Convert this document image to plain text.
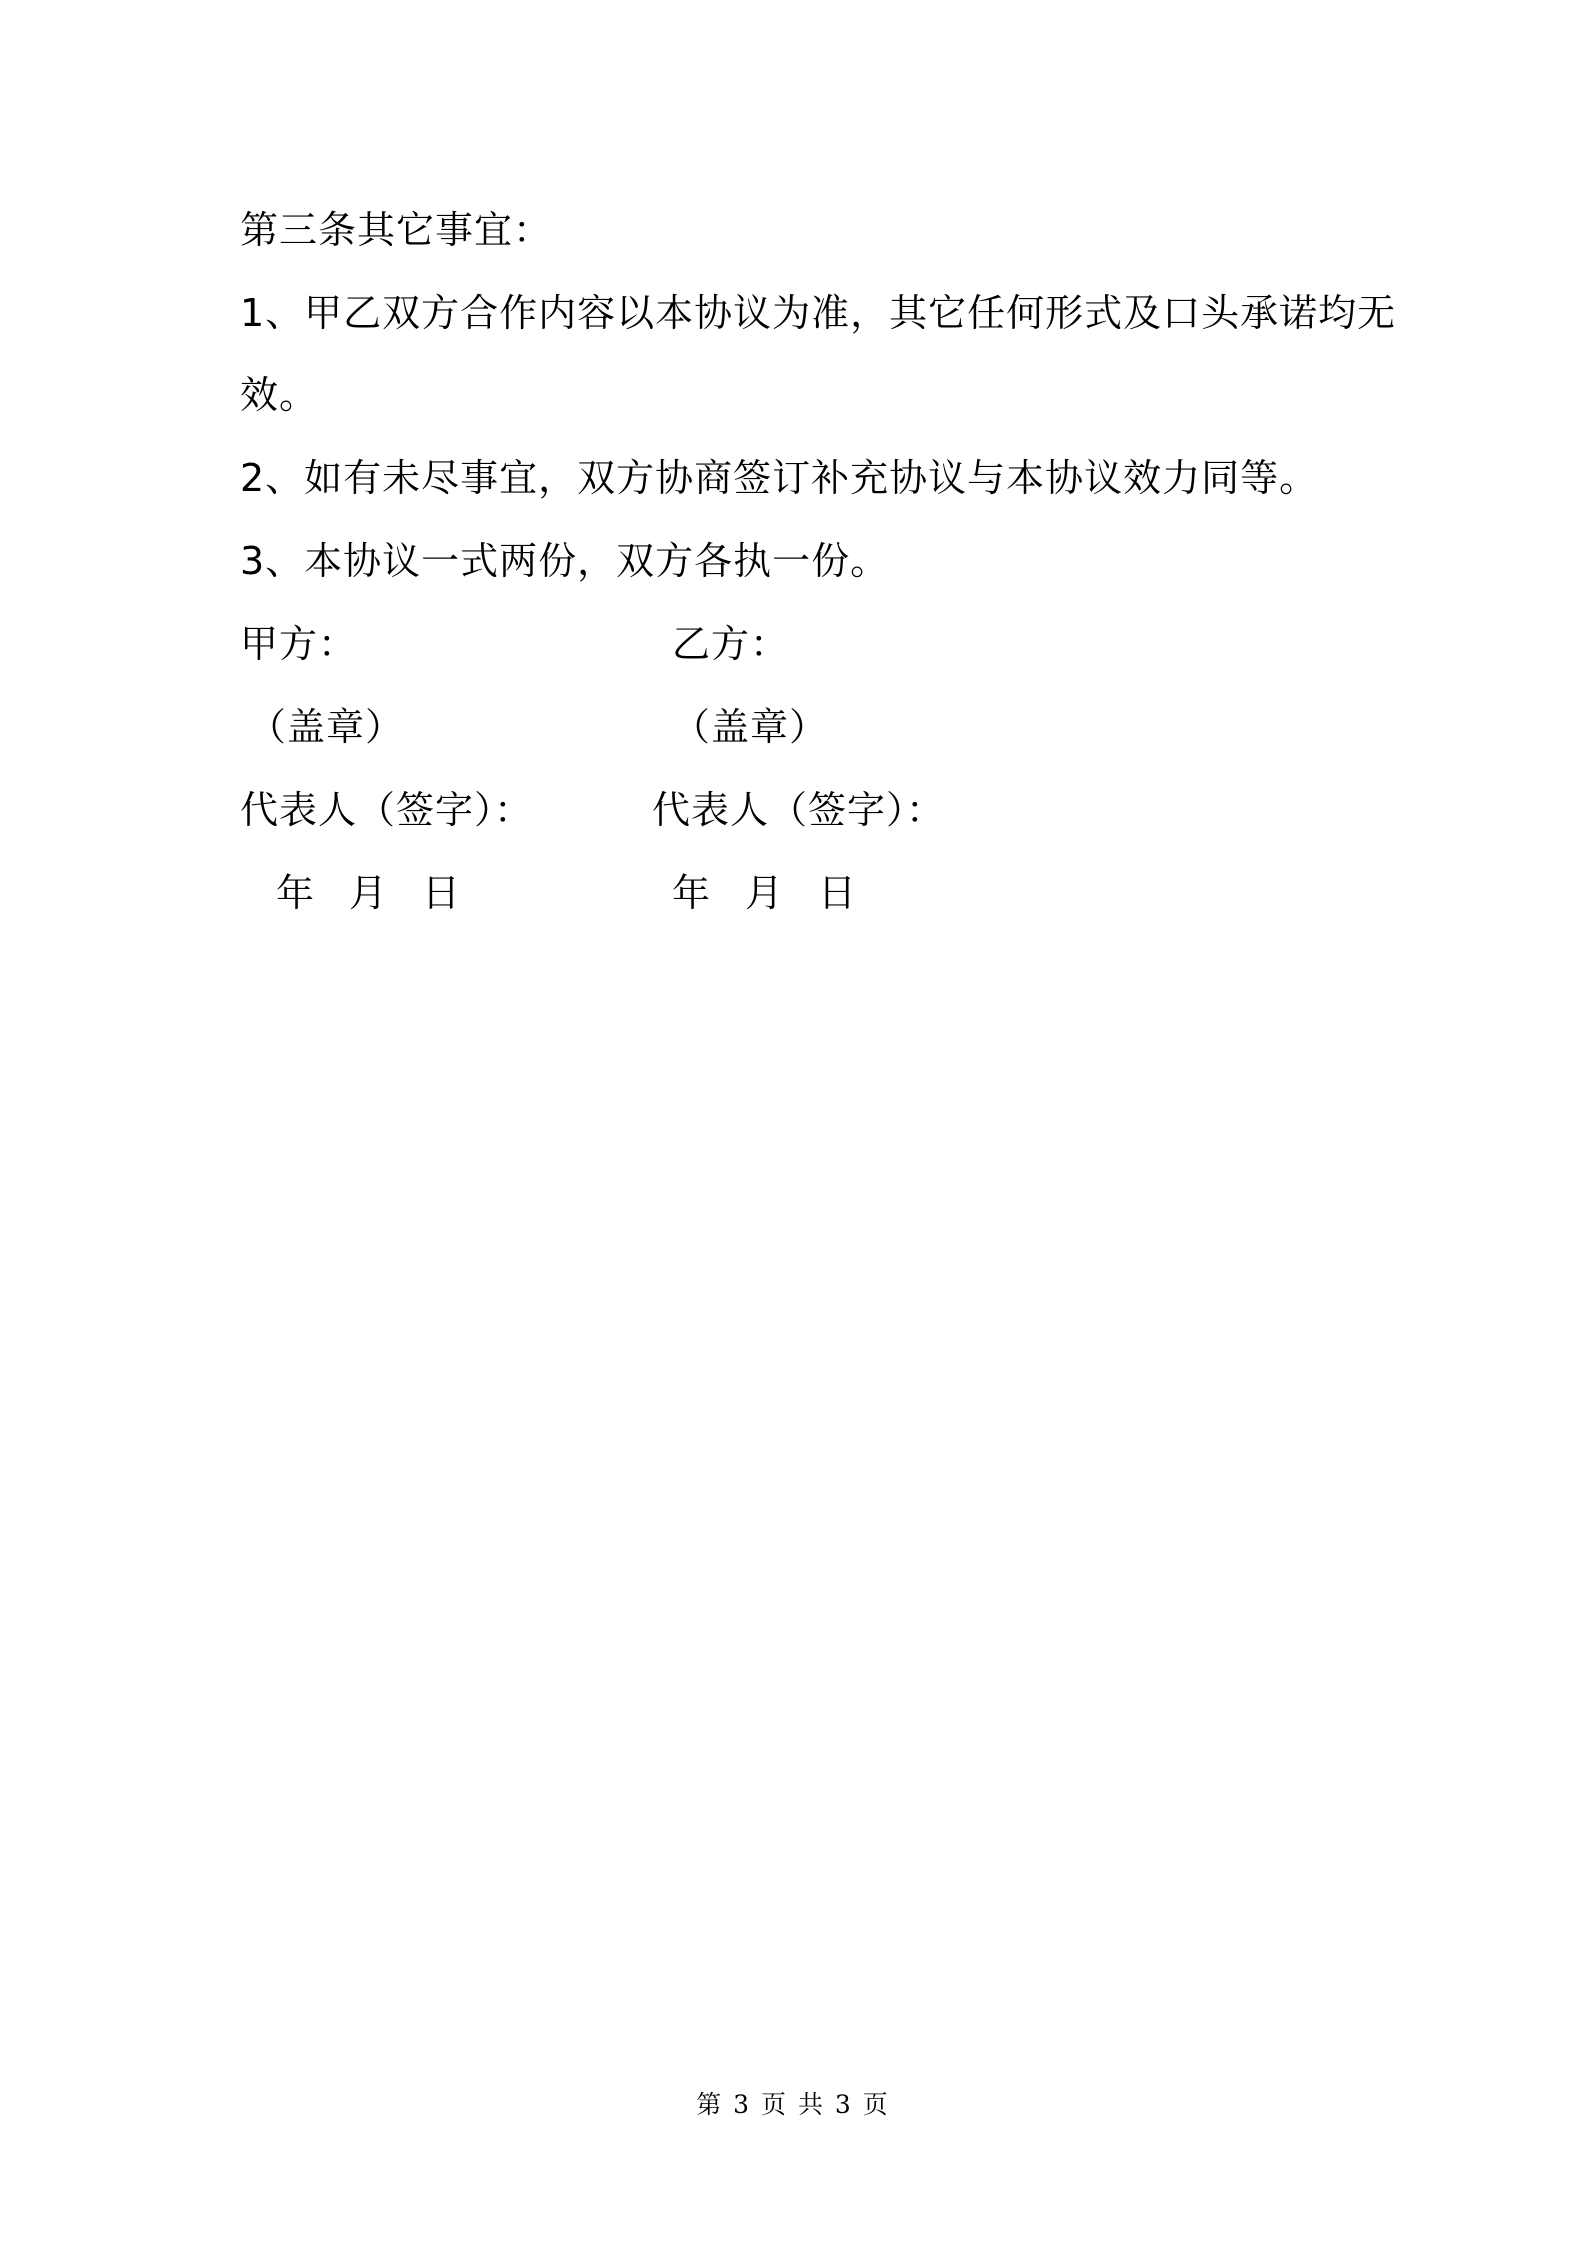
第三条其它事宜：
1、甲乙双方合作内容以本协议为准，其它任何形式及口头承诺均无
效。
2、如有未尽事宜，双方协商签订补充协议与本协议效力同等。
3、本协议一式两份，双方各执一份。
甲方：
（盖章）
代表人（签字）：
年 月 日
乙方：
（盖章）
代表人（签字）：
年 月 日
第 3 页 共 3 页
